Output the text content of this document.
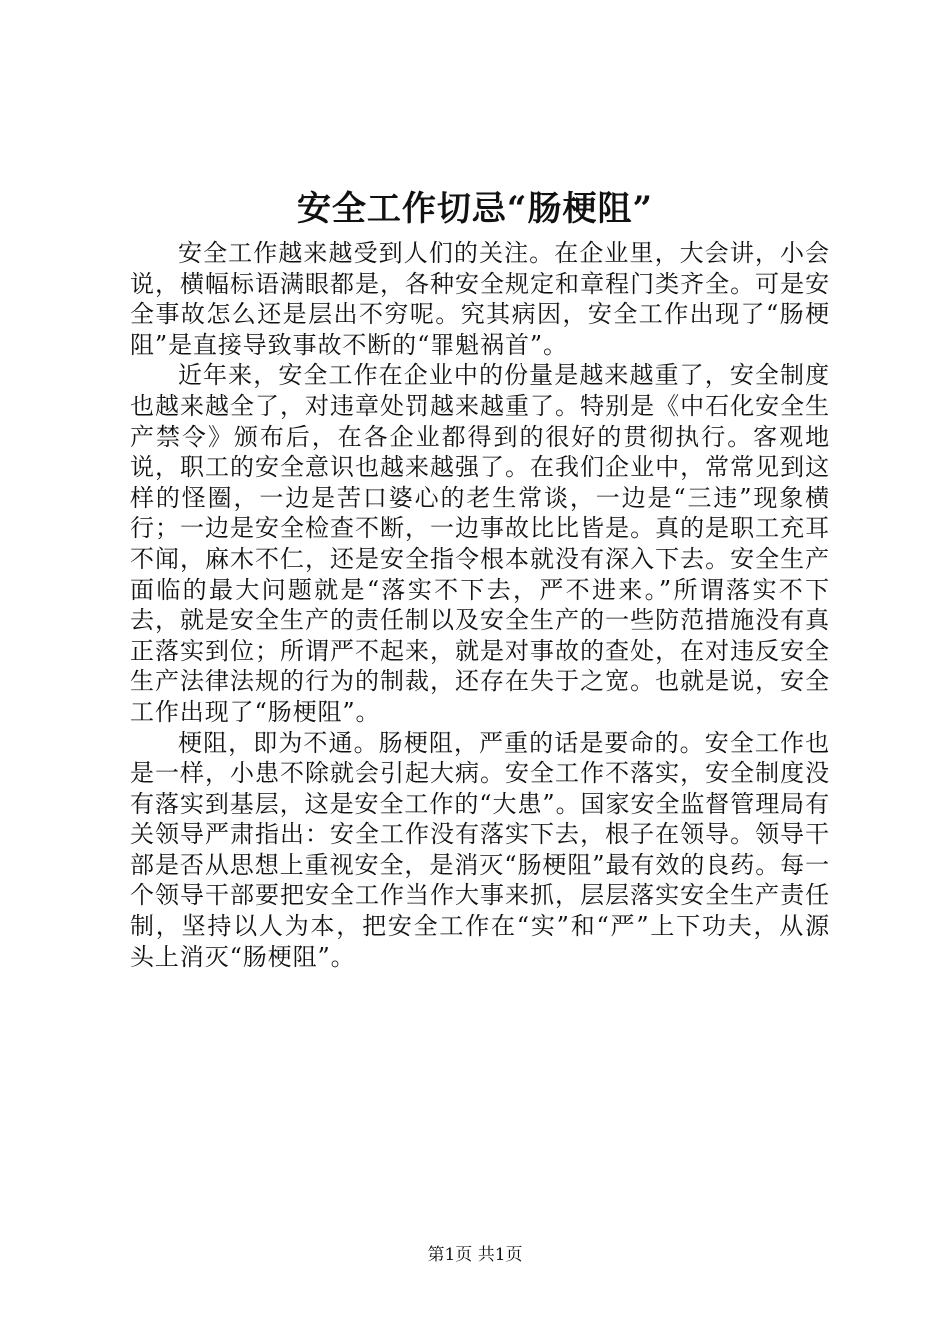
安全工作切忌“肠梗阻”

安全工作越来越受到人们的关注。在企业里，大会讲，小会说，横幅标语满眼都是，各种安全规定和章程门类齐全。可是安全事故怎么还是层出不穷呢。究其病因，安全工作出现了“肠梗阻”是直接导致事故不断的“罪魁祸首”。

近年来，安全工作在企业中的份量是越来越重了，安全制度也越来越全了，对违章处罚越来越重了。特别是《中石化安全生产禁令》颁布后，在各企业都得到的很好的贯彻执行。客观地说，职工的安全意识也越来越强了。在我们企业中，常常见到这样的怪圈，一边是苦口婆心的老生常谈，一边是“三违”现象横行；一边是安全检查不断，一边事故比比皆是。真的是职工充耳不闻，麻木不仁，还是安全指令根本就没有深入下去。安全生产面临的最大问题就是“落实不下去，严不进来。”所谓落实不下去，就是安全生产的责任制以及安全生产的一些防范措施没有真正落实到位；所谓严不起来，就是对事故的查处，在对违反安全生产法律法规的行为的制裁，还存在失于之宽。也就是说，安全工作出现了“肠梗阻”。

梗阻，即为不通。肠梗阻，严重的话是要命的。安全工作也是一样，小患不除就会引起大病。安全工作不落实，安全制度没有落实到基层，这是安全工作的“大患”。国家安全监督管理局有关领导严肃指出：安全工作没有落实下去，根子在领导。领导干部是否从思想上重视安全，是消灭“肠梗阻”最有效的良药。每一个领导干部要把安全工作当作大事来抓，层层落实安全生产责任制，坚持以人为本，把安全工作在“实”和“严”上下功夫，从源头上消灭“肠梗阻”。

第1页 共1页
